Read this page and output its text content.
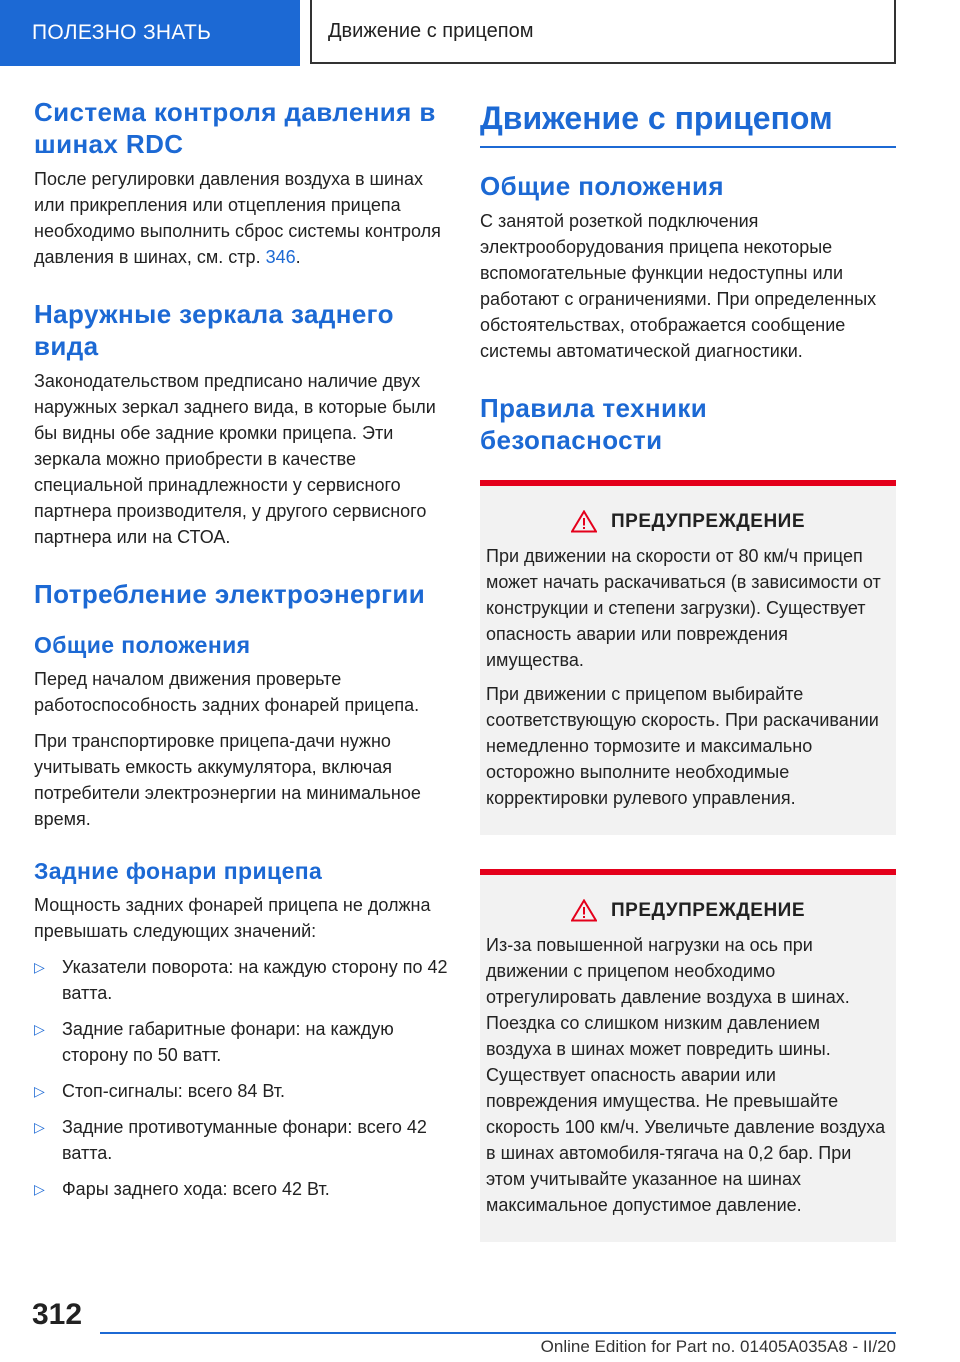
ПОЛЕЗНО ЗНАТЬ	Движение с прицепом
Система контроля давления в шинах RDC

После регулировки давления воздуха в шинах или прикрепления или отцепления прицепа необходимо выполнить сброс системы контроля давления в шинах, см. стр. 346.

Наружные зеркала заднего вида

Законодательством предписано наличие двух наружных зеркал заднего вида, в которые были бы видны обе задние кромки прицепа. Эти зеркала можно приобрести в качестве специальной принадлежности у сервисного партнера производителя, у другого сервисного партнера или на СТОА.

Потребление электроэнергии
Общие положения

Перед началом движения проверьте работоспособность задних фонарей прицепа.

При транспортировке прицепа-дачи нужно учитывать емкость аккумулятора, включая потребители электроэнергии на минимальное время.

Задние фонари прицепа

Мощность задних фонарей прицепа не должна превышать следующих значений:

▷ Указатели поворота: на каждую сторону по 42 ватта.
▷ Задние габаритные фонари: на каждую сторону по 50 ватт.
▷ Стоп-сигналы: всего 84 Вт.
▷ Задние противотуманные фонари: всего 42 ватта.
▷ Фары заднего хода: всего 42 Вт.
Движение с прицепом
Общие положения

С занятой розеткой подключения электрооборудования прицепа некоторые вспомогательные функции недоступны или работают с ограничениями. При определенных обстоятельствах, отображается сообщение системы автоматической диагностики.

Правила техники безопасности
ПРЕДУПРЕЖДЕНИЕ

При движении на скорости от 80 км/ч прицеп может начать раскачиваться (в зависимости от конструкции и степени загрузки). Существует опасность аварии или повреждения имущества.

При движении с прицепом выбирайте соответствующую скорость. При раскачивании немедленно тормозите и максимально осторожно выполните необходимые корректировки рулевого управления.

ПРЕДУПРЕЖДЕНИЕ

Из-за повышенной нагрузки на ось при движении с прицепом необходимо отрегулировать давление воздуха в шинах. Поездка со слишком низким давлением воздуха в шинах может повредить шины. Существует опасность аварии или повреждения имущества. Не превышайте скорость 100 км/ч. Увеличьте давление воздуха в шинах автомобиля-тягача на 0,2 бар. При этом учитывайте указанное на шинах максимальное допустимое давление.

312
Online Edition for Part no. 01405A035A8 - II/20
